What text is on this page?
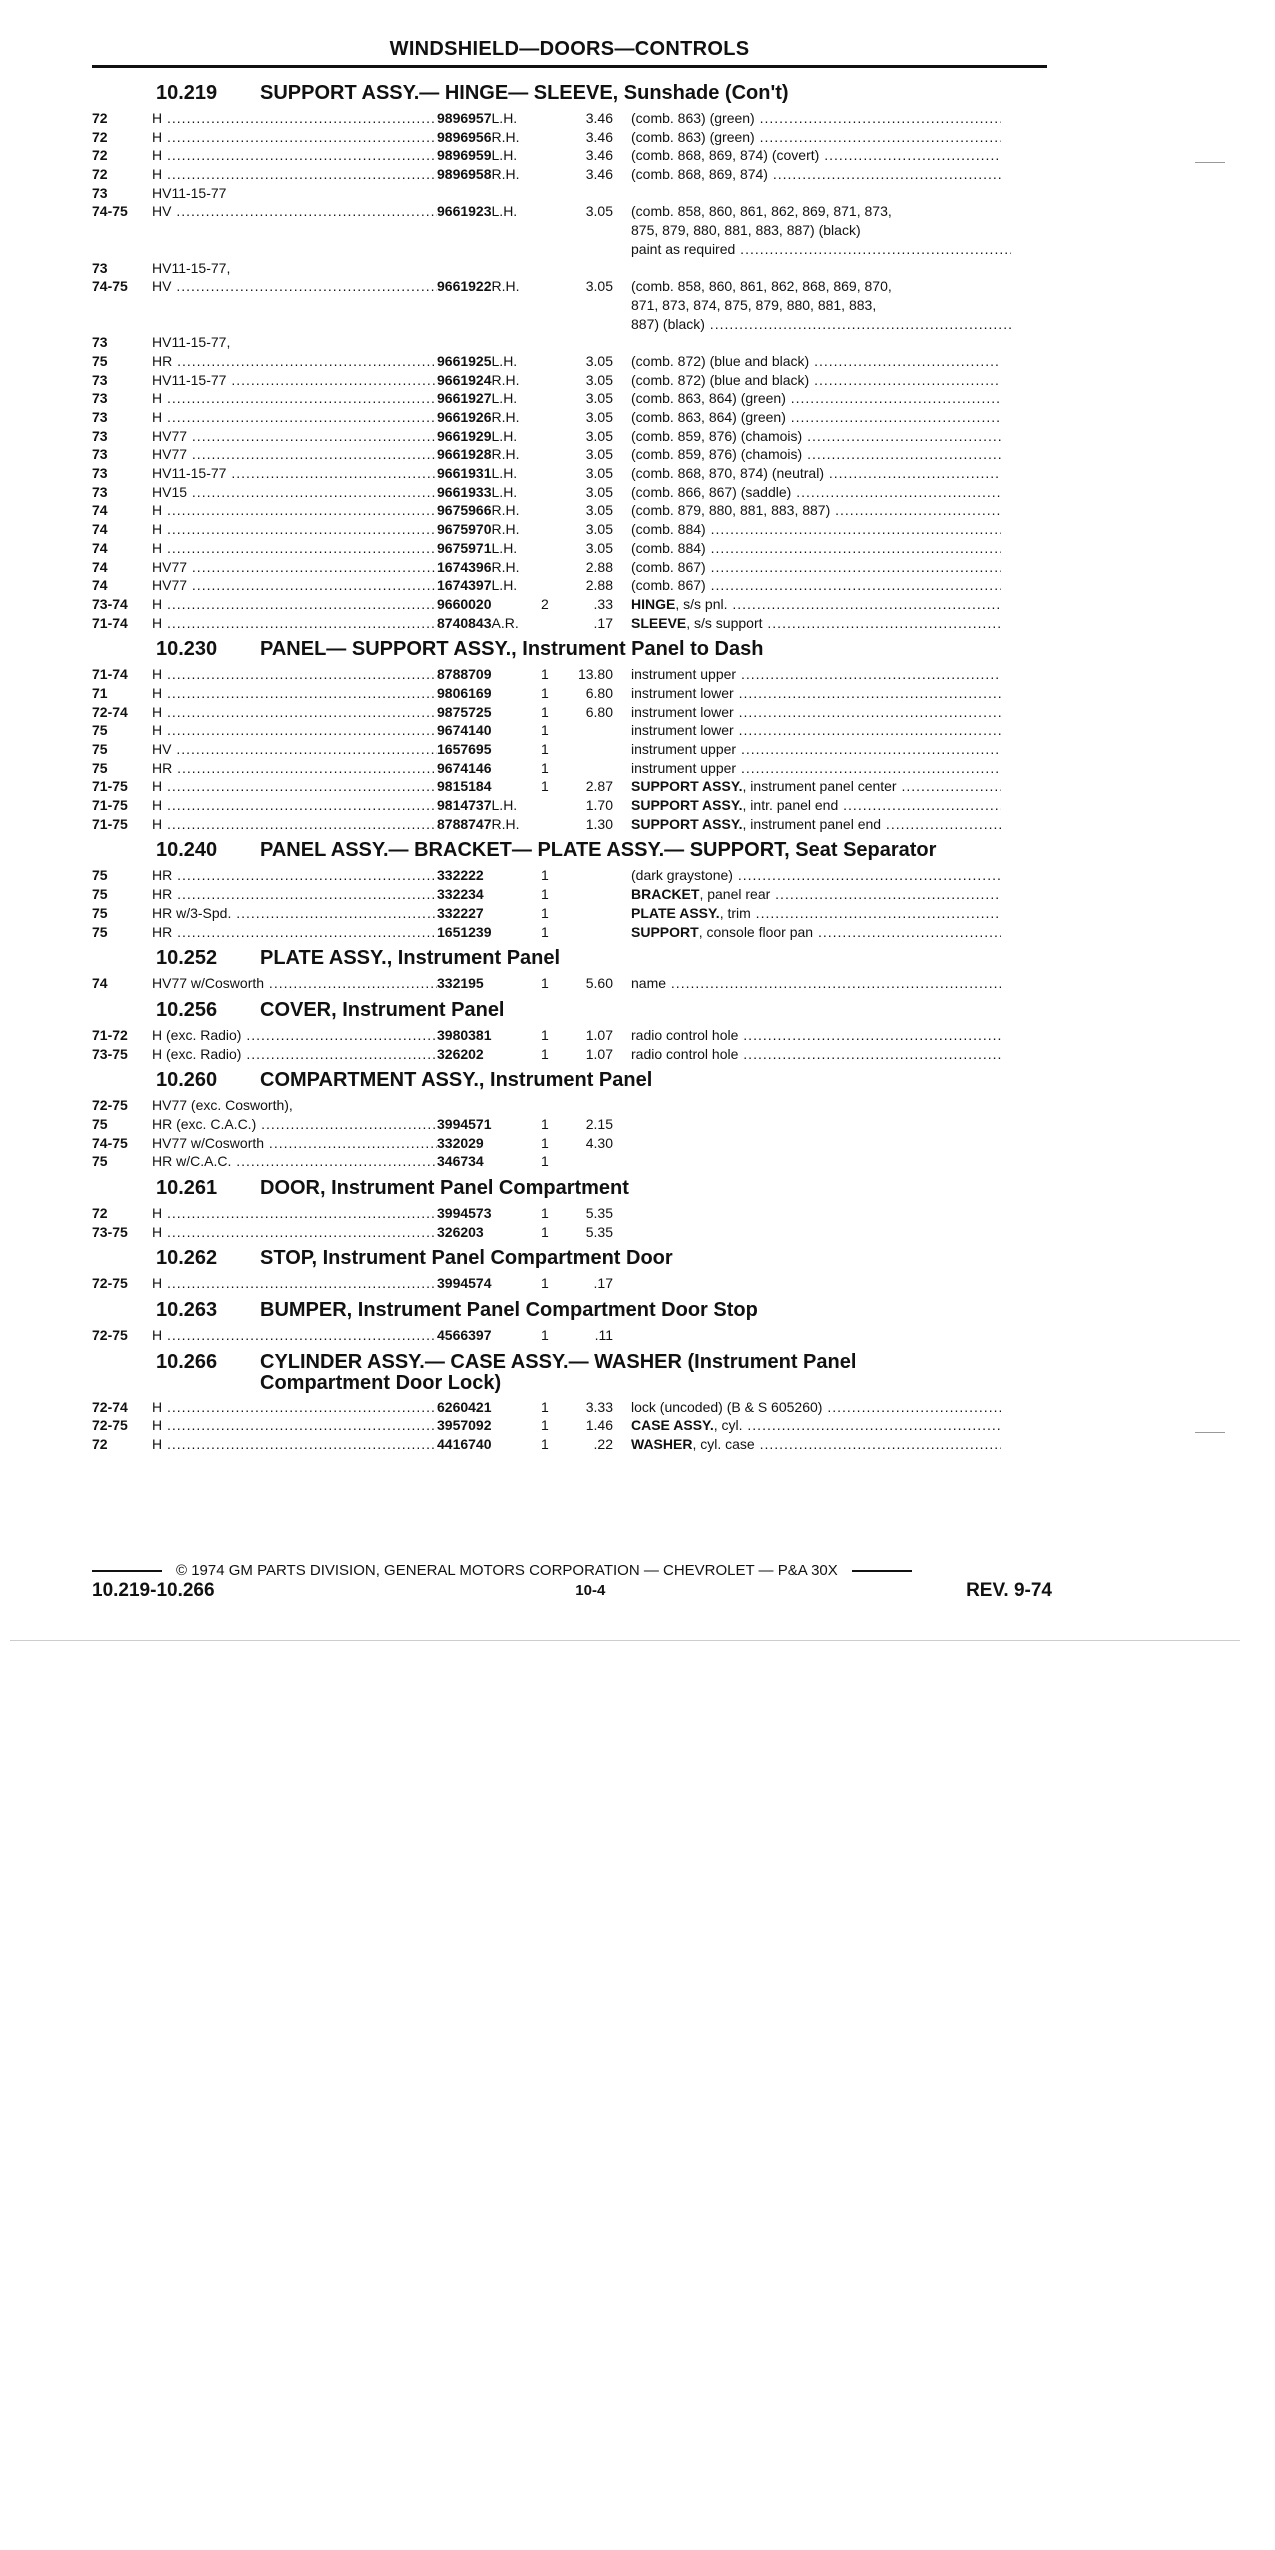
WINDSHIELD—DOORS—CONTROLS
10.219	SUPPORT ASSY.— HINGE— SLEEVE, Sunshade (Con't)
72	H .....	9896957L.H.	3.46	(comb. 863) (green) .....
72	H .....	9896956R.H.	3.46	(comb. 863) (green) .....
72	H .....	9896959L.H.	3.46	(comb. 868, 869, 874) (covert) .....
72	H .....	9896958R.H.	3.46	(comb. 868, 869, 874) .....
73	HV11-15-77
74-75	HV .....	9661923L.H.	3.05	(comb. 858, 860, 861, 862, 869, 871, 873,
875, 879, 880, 881, 883, 887) (black)
paint as required .....
73	HV11-15-77,
74-75	HV .....	9661922R.H.	3.05	(comb. 858, 860, 861, 862, 868, 869, 870,
871, 873, 874, 875, 879, 880, 881, 883,
887) (black) .....
73	HV11-15-77,
75	HR .....	9661925L.H.	3.05	(comb. 872) (blue and black) .....
73	HV11-15-77 .....	9661924R.H.	3.05	(comb. 872) (blue and black) .....
73	H .....	9661927L.H.	3.05	(comb. 863, 864) (green) .....
73	H .....	9661926R.H.	3.05	(comb. 863, 864) (green) .....
73	HV77 .....	9661929L.H.	3.05	(comb. 859, 876) (chamois) .....
73	HV77 .....	9661928R.H.	3.05	(comb. 859, 876) (chamois) .....
73	HV11-15-77 .....	9661931L.H.	3.05	(comb. 868, 870, 874) (neutral) .....
73	HV15 .....	9661933L.H.	3.05	(comb. 866, 867) (saddle) .....
74	H .....	9675966R.H.	3.05	(comb. 879, 880, 881, 883, 887) .....
74	H .....	9675970R.H.	3.05	(comb. 884) .....
74	H .....	9675971L.H.	3.05	(comb. 884) .....
74	HV77 .....	1674396R.H.	2.88	(comb. 867) .....
74	HV77 .....	1674397L.H.	2.88	(comb. 867) .....
73-74	H .....	9660020	2	.33	HINGE, s/s pnl. .....
71-74	H .....	8740843A.R.	.17	SLEEVE, s/s support .....
10.230	PANEL— SUPPORT ASSY., Instrument Panel to Dash
71-74	H .....	8788709	1	13.80	instrument upper .....
71	H .....	9806169	1	6.80	instrument lower .....
72-74	H .....	9875725	1	6.80	instrument lower .....
75	H .....	9674140	1	instrument lower .....
75	HV .....	1657695	1	instrument upper .....
75	HR .....	9674146	1	instrument upper .....
71-75	H .....	9815184	1	2.87	SUPPORT ASSY., instrument panel center .....
71-75	H .....	9814737L.H.	1.70	SUPPORT ASSY., intr. panel end .....
71-75	H .....	8788747R.H.	1.30	SUPPORT ASSY., instrument panel end .....
10.240	PANEL ASSY.— BRACKET— PLATE ASSY.— SUPPORT, Seat Separator
75	HR .....	332222	1	(dark graystone) .....
75	HR .....	332234	1	BRACKET, panel rear .....
75	HR w/3-Spd. .....	332227	1	PLATE ASSY., trim .....
75	HR .....	1651239	1	SUPPORT, console floor pan .....
10.252	PLATE ASSY., Instrument Panel
74	HV77 w/Cosworth .....	332195	1	5.60	name .....
10.256	COVER, Instrument Panel
71-72	H (exc. Radio) .....	3980381	1	1.07	radio control hole .....
73-75	H (exc. Radio) .....	326202	1	1.07	radio control hole .....
10.260	COMPARTMENT ASSY., Instrument Panel
72-75	HV77 (exc. Cosworth),
75	HR (exc. C.A.C.) .....	3994571	1	2.15
74-75	HV77 w/Cosworth .....	332029	1	4.30
75	HR w/C.A.C. .....	346734	1
10.261	DOOR, Instrument Panel Compartment
72	H .....	3994573	1	5.35
73-75	H .....	326203	1	5.35
10.262	STOP, Instrument Panel Compartment Door
72-75	H .....	3994574	1	.17
10.263	BUMPER, Instrument Panel Compartment Door Stop
72-75	H .....	4566397	1	.11
10.266	CYLINDER ASSY.— CASE ASSY.— WASHER (Instrument Panel
Compartment Door Lock)
72-74	H .....	6260421	1	3.33	lock (uncoded) (B & S 605260) .....
72-75	H .....	3957092	1	1.46	CASE ASSY., cyl. .....
72	H .....	4416740	1	.22	WASHER, cyl. case .....
© 1974 GM PARTS DIVISION, GENERAL MOTORS CORPORATION — CHEVROLET — P&A 30X
10.219-10.266	10-4	REV. 9-74
